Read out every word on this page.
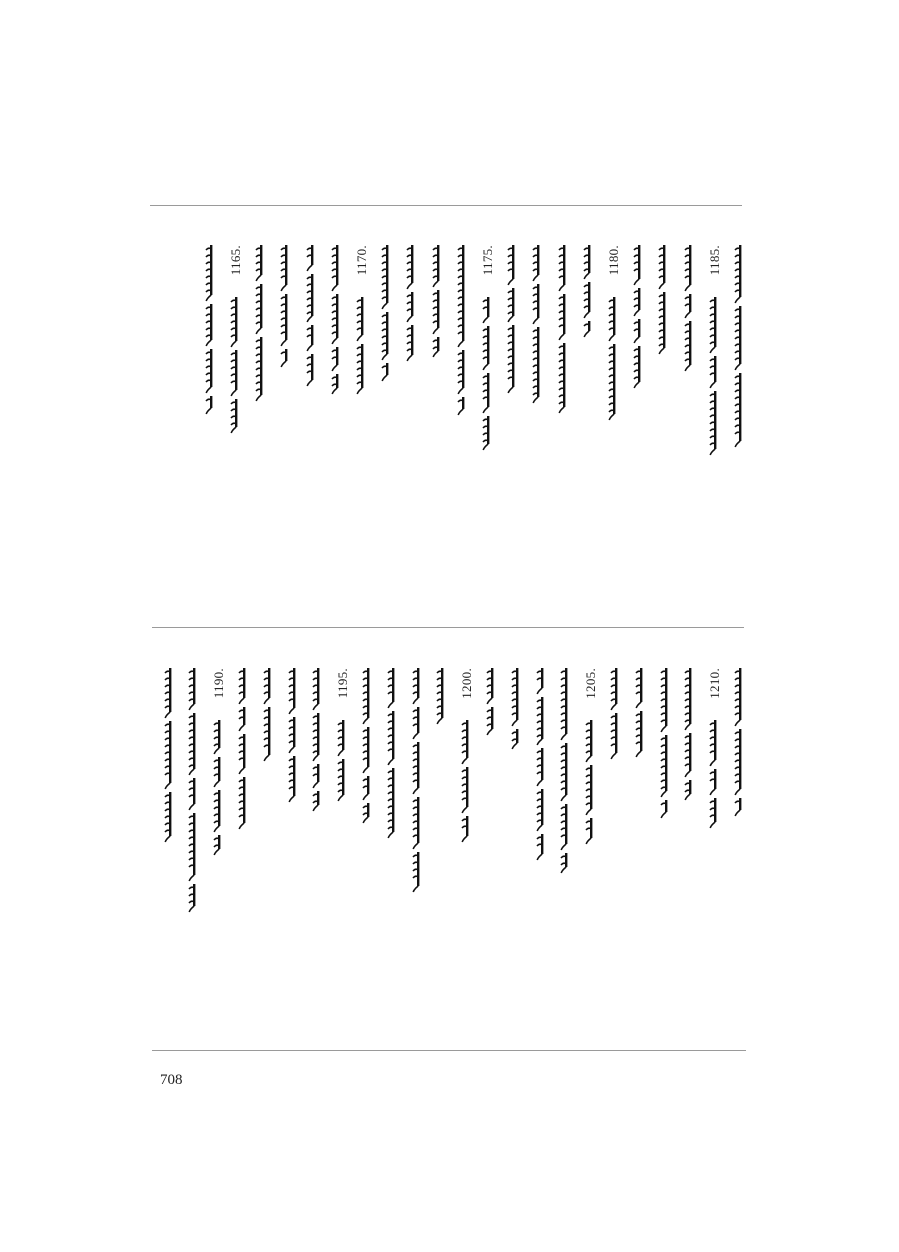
1185.
1180.
1175.
1170.
1165.
1210.
1205.
1200.
1195.
1190.
708
